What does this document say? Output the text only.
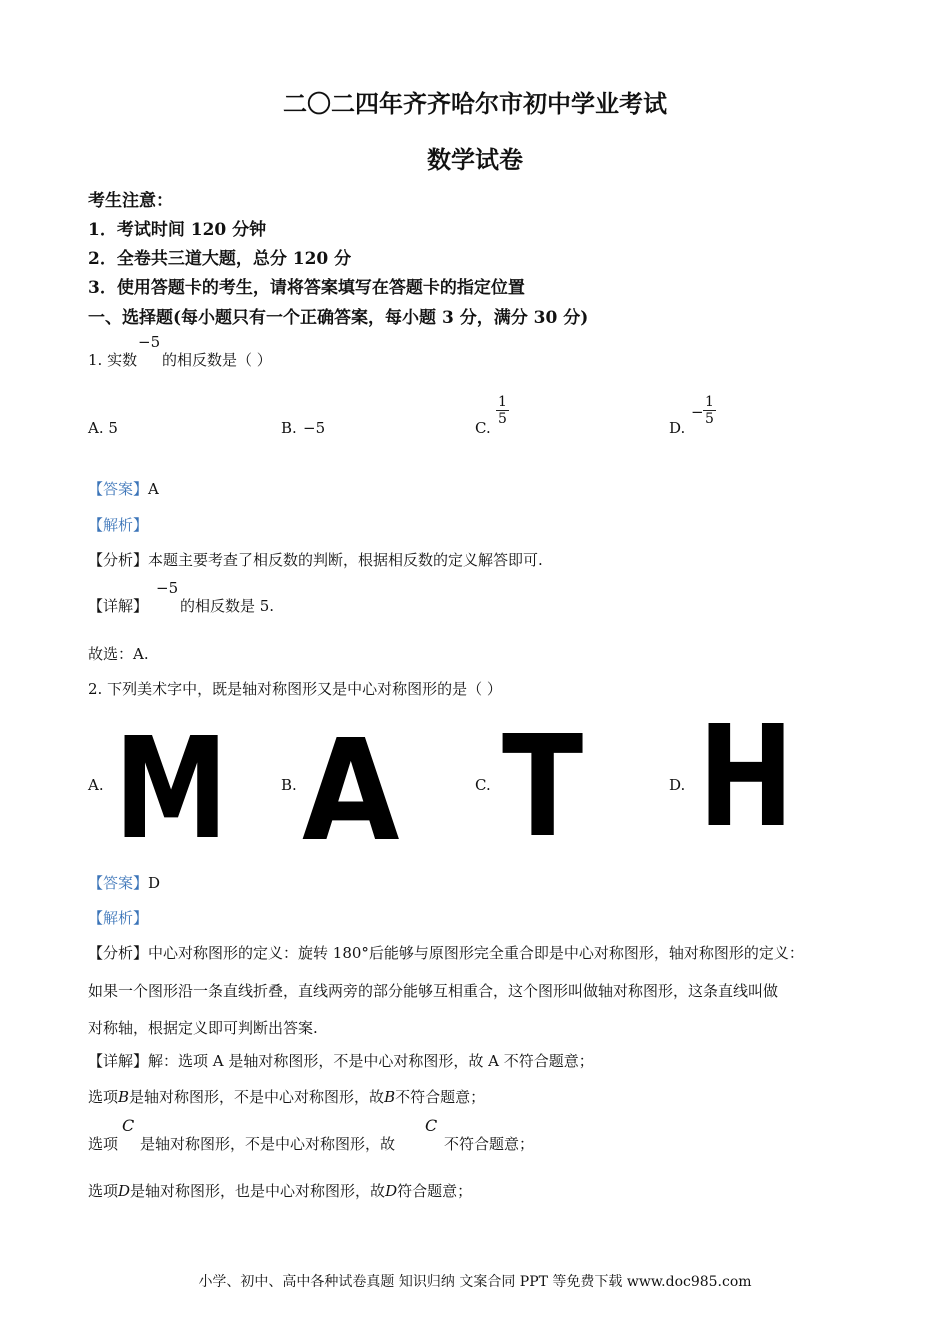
二〇二四年齐齐哈尔市初中学业考试
数学试卷
考生注意：
1．考试时间 120 分钟
2．全卷共三道大题，总分 120 分
3．使用答题卡的考生，请将答案填写在答题卡的指定位置
一、选择题(每小题只有一个正确答案，每小题 3 分，满分 30 分)
1. 实数
−5
的相反数是（ ）
A. 5	B. −5	C.
$\frac{1}{5}$
D.
− $\frac{1}{5}$
【答案】A
【解析】
【分析】本题主要考查了相反数的判断，根据相反数的定义解答即可.
【详解】
−5
的相反数是 5.
故选：A.
2. 下列美术字中，既是轴对称图形又是中心对称图形的是（ ）
A. M	B. A	C. T	D. H
【答案】D
【解析】
【分析】中心对称图形的定义：旋转 180°后能够与原图形完全重合即是中心对称图形，轴对称图形的定义：
如果一个图形沿一条直线折叠，直线两旁的部分能够互相重合，这个图形叫做轴对称图形，这条直线叫做
对称轴，根据定义即可判断出答案.
【详解】解：选项 A 是轴对称图形，不是中心对称图形，故 A 不符合题意；
选项B是轴对称图形，不是中心对称图形，故B不符合题意；
选项
C
是轴对称图形，不是中心对称图形，故
C
不符合题意；
选项D是轴对称图形，也是中心对称图形，故D符合题意；
小学、初中、高中各种试卷真题 知识归纳 文案合同 PPT 等免费下载 www.doc985.com
